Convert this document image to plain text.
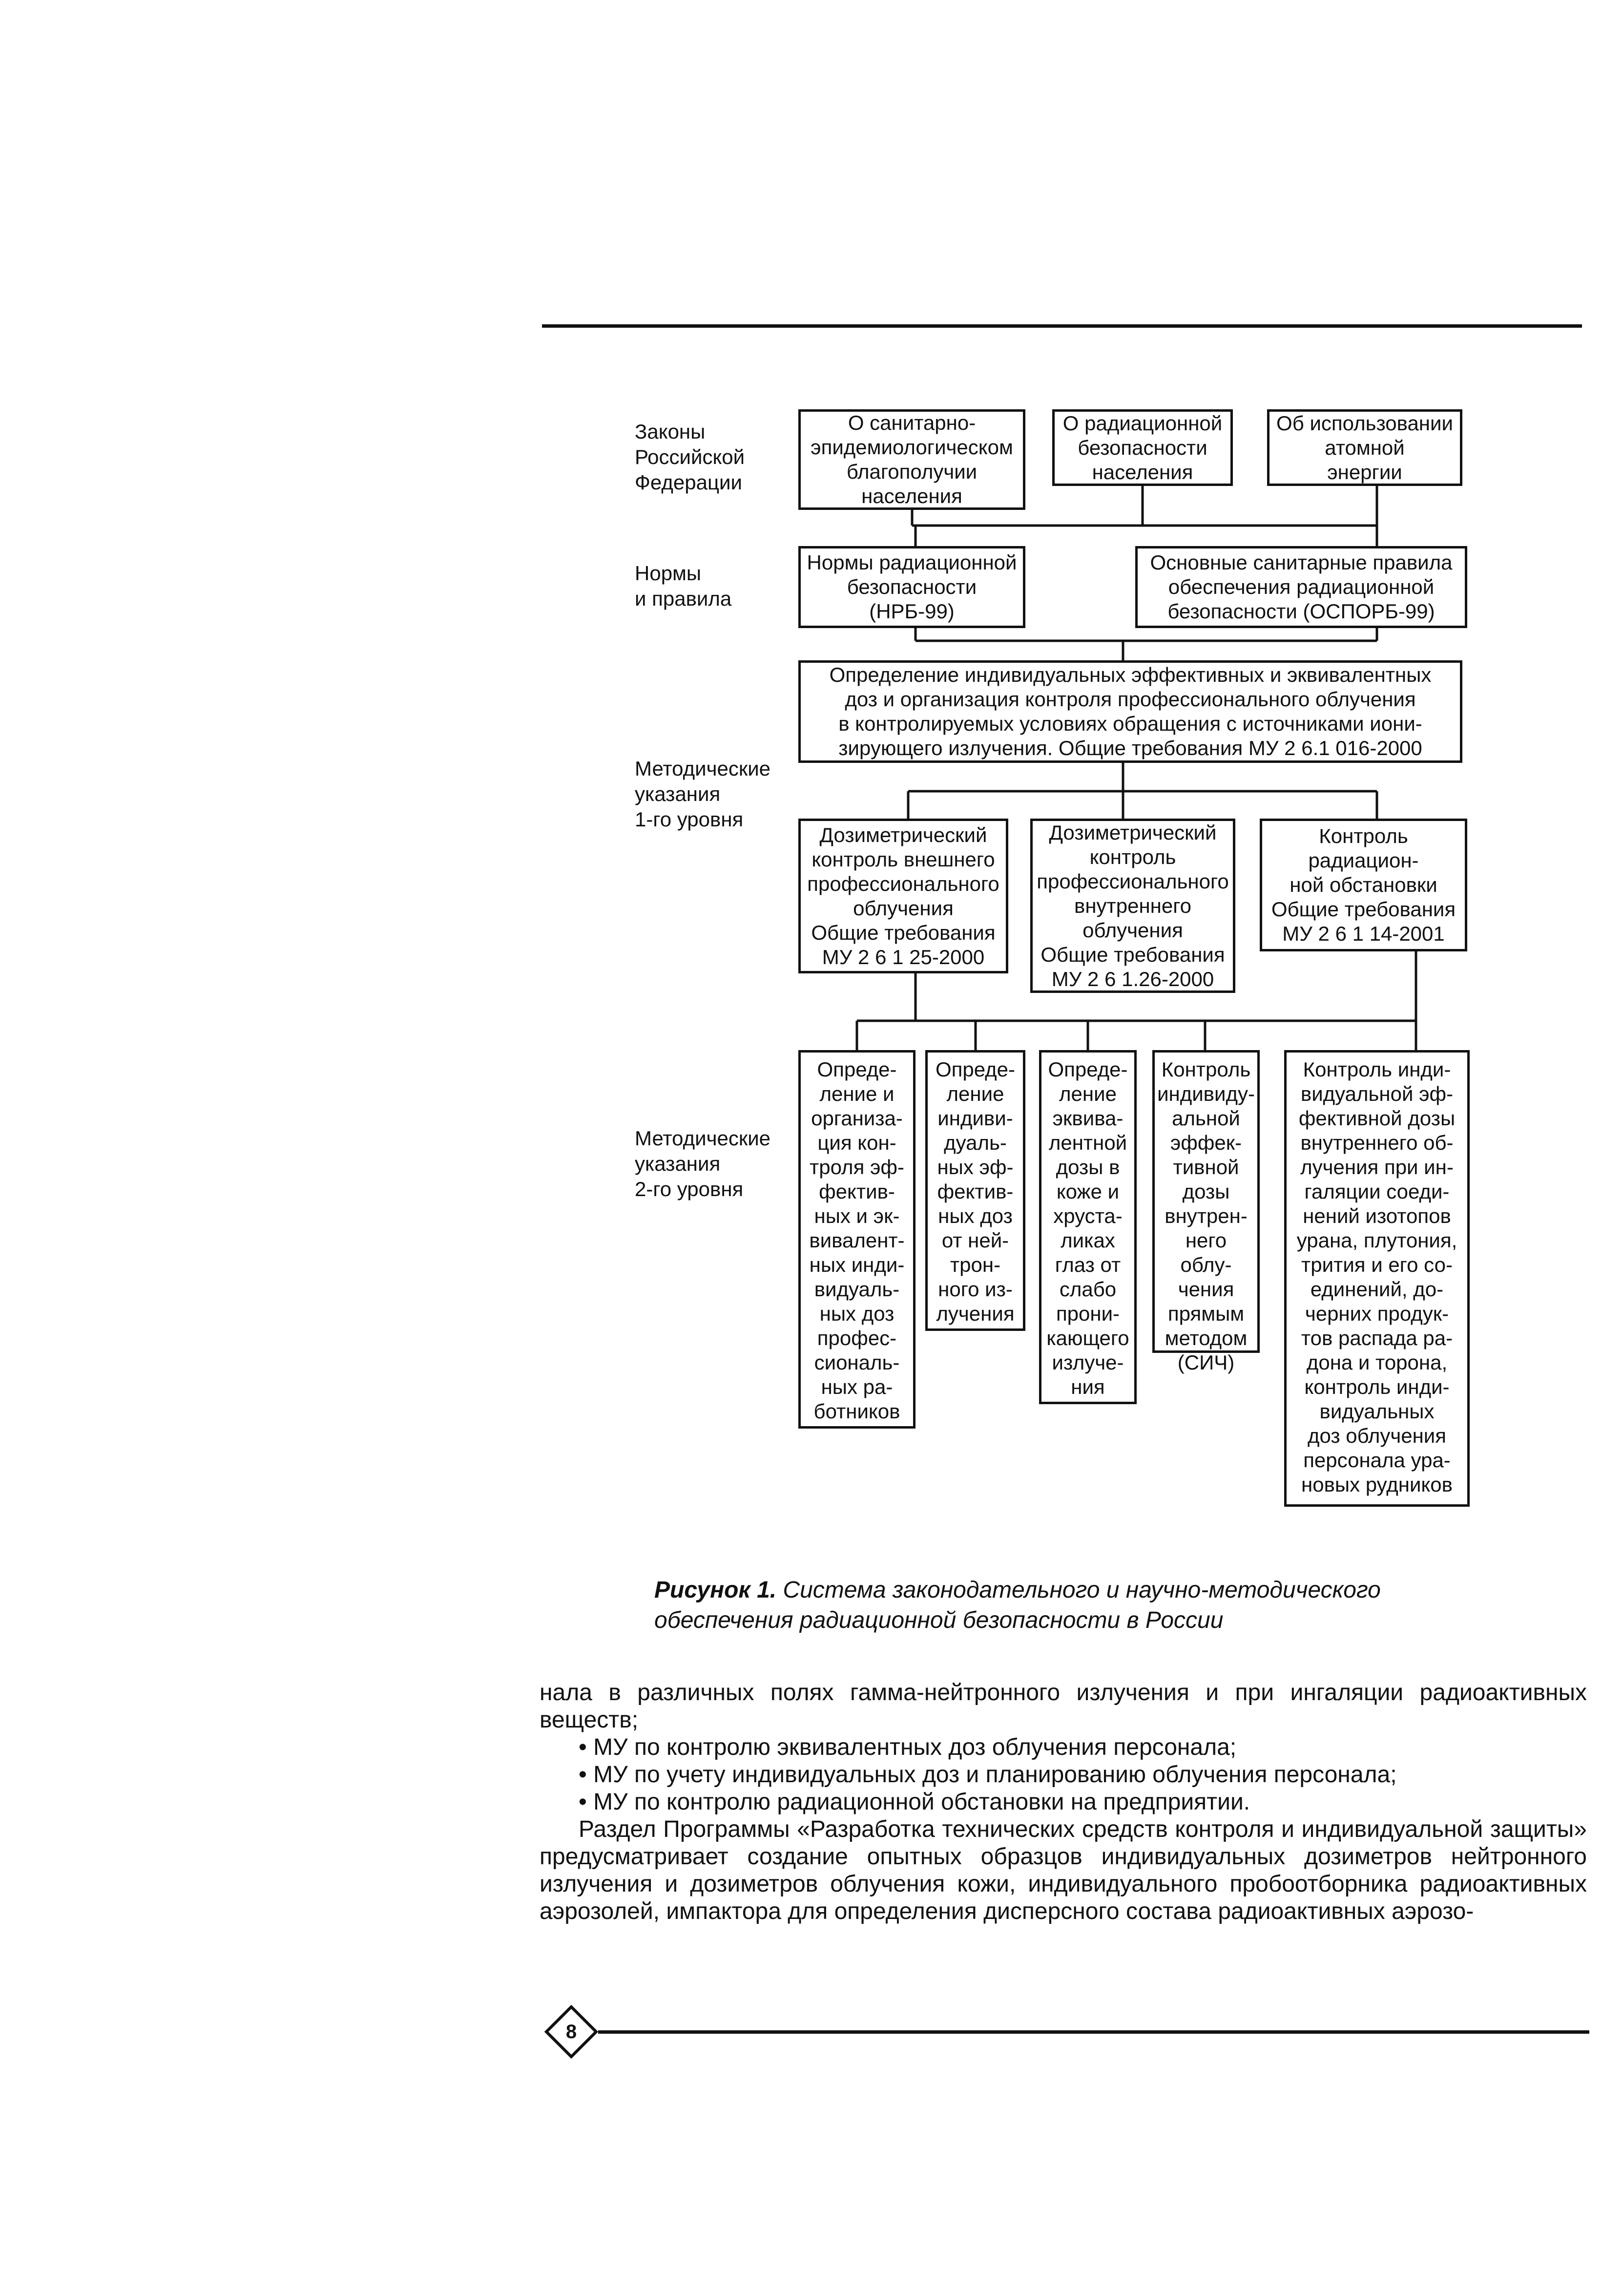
Законы
Российской
Федерации
Нормы
и правила
Методические
указания
1-го уровня
Методические
указания
2-го уровня
О санитарно-
эпидемиологическом
благополучии
населения
О радиационной
безопасности
населения
Об использовании
атомной
энергии
Нормы радиационной
безопасности
(НРБ-99)
Основные санитарные правила
обеспечения радиационной
безопасности (ОСПОРБ-99)
Определение индивидуальных эффективных и эквивалентных
доз и организация контроля профессионального облучения
в контролируемых условиях обращения с источниками иони-
зирующего излучения. Общие требования МУ 2 6.1 016-2000
Дозиметрический
контроль внешнего
профессионального
облучения
Общие требования
МУ 2 6 1 25-2000
Дозиметрический
контроль
профессионального
внутреннего
облучения
Общие требования
МУ 2 6 1.26-2000
Контроль
радиацион-
ной обстановки
Общие требования
МУ 2 6 1 14-2001
Опреде-
ление и
организа-
ция кон-
троля эф-
фектив-
ных и эк-
вивалент-
ных инди-
видуаль-
ных доз
профес-
сиональ-
ных ра-
ботников
Опреде-
ление
индиви-
дуаль-
ных эф-
фектив-
ных доз
от ней-
трон-
ного из-
лучения
Опреде-
ление
эквива-
лентной
дозы в
коже и
хруста-
ликах
глаз от
слабо
прони-
кающего
излуче-
ния
Контроль
индивиду-
альной
эффек-
тивной
дозы
внутрен-
него облу-
чения
прямым
методом
(СИЧ)
Контроль инди-
видуальной эф-
фективной дозы
внутреннего об-
лучения при ин-
галяции соеди-
нений изотопов
урана, плутония,
трития и его со-
единений, до-
черних продук-
тов распада ра-
дона и торона,
контроль инди-
видуальных
доз облучения
персонала ура-
новых рудников
Рисунок 1. Система законодательного и научно-методического обеспечения радиационной безопасности в России

нала в различных полях гамма-нейтронного излучения и при ингаляции радиоактивных веществ;

• МУ по контролю эквивалентных доз облучения персонала;

• МУ по учету индивидуальных доз и планированию облучения персонала;

• МУ по контролю радиационной обстановки на предприятии.

Раздел Программы «Разработка технических средств контроля и индивидуальной защиты» предусматривает создание опытных образцов индивидуальных дозиметров нейтронного излучения и дозиметров облучения кожи, индивидуального пробоотборника радиоактивных аэрозолей, импактора для определения дисперсного состава радиоактивных аэрозо-

8
